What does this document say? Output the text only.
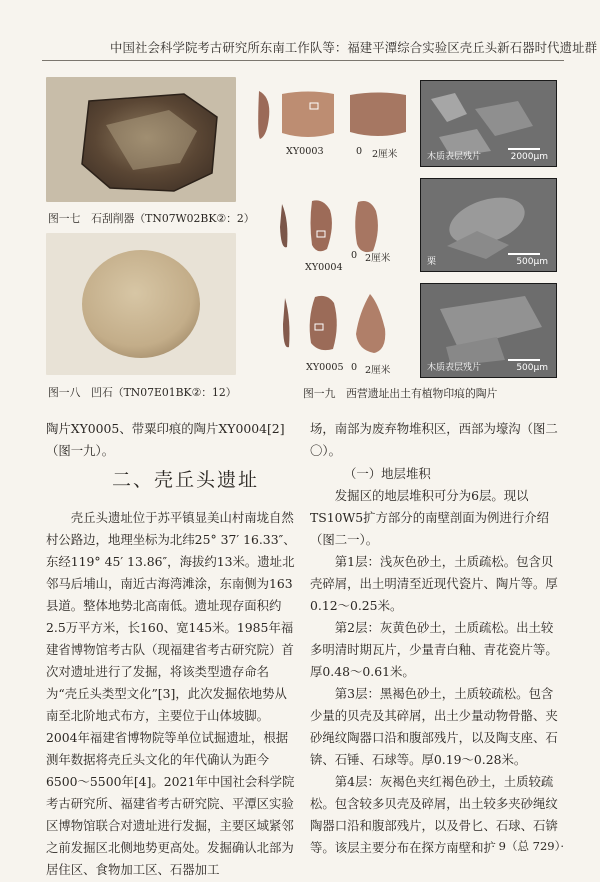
中国社会科学院考古研究所东南工作队等：福建平潭综合实验区壳丘头新石器时代遗址群
图一七　石刮削器（TN07W02BK②：2）
图一八　凹石（TN07E01BK②：12）
XY0003	0 2厘米	木质表层残片	2000μm
XY0004
0 2厘米	栗	500μm
XY0005 0 2厘米	木质表层残片	500μm
图一九　西营遗址出土有植物印痕的陶片

陶片XY0005、带粟印痕的陶片XY0004[2]（图一九）。

二、壳丘头遗址

壳丘头遗址位于苏平镇显美山村南垅自然村公路边，地理坐标为北纬25° 37′ 16.33″、东经119° 45′ 13.86″，海拔约13米。遗址北邻马后埔山，南近古海湾滩涂，东南侧为163县道。整体地势北高南低。遗址现存面积约2.5万平方米，长160、宽145米。1985年福建省博物馆考古队（现福建省考古研究院）首次对遗址进行了发掘，将该类型遗存命名为“壳丘头类型文化”[3]，此次发掘依地势从南至北阶地式布方，主要位于山体坡脚。2004年福建省博物院等单位试掘遗址，根据测年数据将壳丘头文化的年代确认为距今6500～5500年[4]。2021年中国社会科学院考古研究所、福建省考古研究院、平潭区实验区博物馆联合对遗址进行发掘，主要区域紧邻之前发掘区北侧地势更高处。发掘确认北部为居住区、食物加工区、石器加工

场，南部为废弃物堆积区，西部为壕沟（图二〇）。

（一）地层堆积

发掘区的地层堆积可分为6层。现以TS10W5扩方部分的南壁剖面为例进行介绍（图二一）。

第1层：浅灰色砂土，土质疏松。包含贝壳碎屑，出土明清至近现代瓷片、陶片等。厚0.12～0.25米。

第2层：灰黄色砂土，土质疏松。出土较多明清时期瓦片，少量青白釉、青花瓷片等。厚0.48～0.61米。

第3层：黑褐色砂土，土质较疏松。包含少量的贝壳及其碎屑，出土少量动物骨骼、夹砂绳纹陶器口沿和腹部残片，以及陶支座、石锛、石锤、石球等。厚0.19～0.28米。

第4层：灰褐色夹红褐色砂土，土质较疏松。包含较多贝壳及碎屑，出土较多夹砂绳纹陶器口沿和腹部残片，以及骨匕、石球、石锛等。该层主要分布在探方南壁和扩

· 9（总 729）·
